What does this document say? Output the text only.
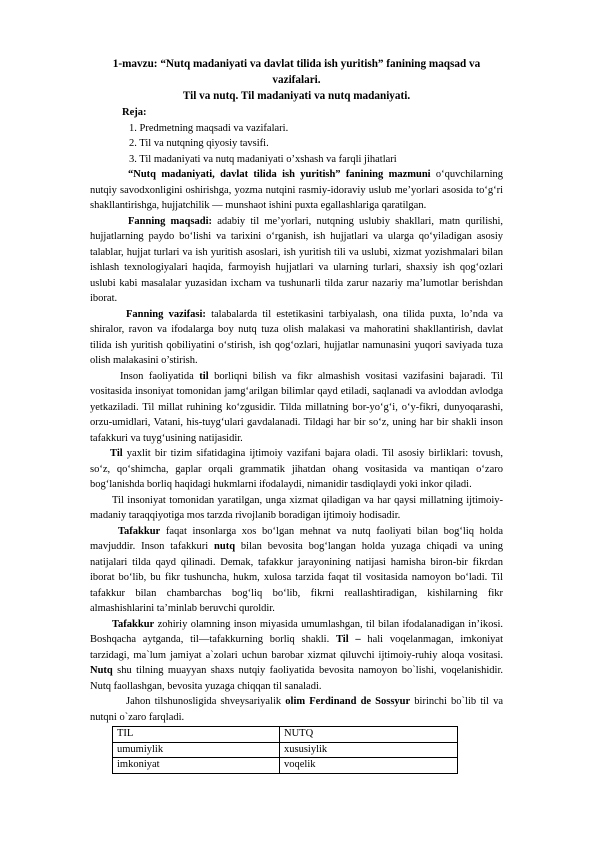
1-mavzu: “Nutq madaniyati va davlat tilida ish yuritish” fanining maqsad va vazifalari.
Til va nutq. Til madaniyati va nutq madaniyati.
Reja:
1. Predmetning maqsadi va vazifalari.
2. Til va nutqning qiyosiy tavsifi.
3. Til madaniyati va nutq madaniyati o’xshash va farqli jihatlari

“Nutq madaniyati, davlat tilida ish yuritish” fanining mazmuni o‘quvchilarning nutqiy savodxonligini oshirishga, yozma nutqini rasmiy-idoraviy uslub me’yorlari asosida to‘g‘ri shakllantirishga, hujjatchilik — munshaot ishini puxta egallashlariga qaratilgan.

Fanning maqsadi: adabiy til me’yorlari, nutqning uslubiy shakllari, matn qurilishi, hujjatlarning paydo bo‘lishi va tarixini o‘rganish, ish hujjatlari va ularga qo‘yiladigan asosiy talablar, hujjat turlari va ish yuritish asoslari, ish yuritish tili va uslubi, xizmat yozishmalari bilan ishlash texnologiyalari haqida, farmoyish hujjatlari va ularning turlari, shaxsiy ish qog‘ozlari uslubi kabi masalalar yuzasidan ixcham va tushunarli tilda zarur nazariy ma’lumotlar berishdan iborat.

Fanning vazifasi: talabalarda til estetikasini tarbiyalash, ona tilida puxta, lo’nda va shiralor, ravon va ifodalarga boy nutq tuza olish malakasi va mahoratini shakllantirish, davlat tilida ish yuritish qobiliyatini o‘stirish, ish qog‘ozlari, hujjatlar namunasini yuqori saviyada tuza olish malakasini o’stirish.

Inson faoliyatida til borliqni bilish va fikr almashish vositasi vazifasini bajaradi. Til vositasida insoniyat tomonidan jamg‘arilgan bilimlar qayd etiladi, saqlanadi va avloddan avlodga yetkaziladi. Til millat ruhining ko‘zgusidir. Tilda millatning bor-yo‘g‘i, o‘y-fikri, dunyoqarashi, orzu-umidlari, Vatani, his-tuyg‘ulari gavdalanadi. Tildagi har bir so‘z, uning har bir shakli inson tafakkuri va tuyg‘usining natijasidir.

Til yaxlit bir tizim sifatidagina ijtimoiy vazifani bajara oladi. Til asosiy birliklari: tovush, so‘z, qo‘shimcha, gaplar orqali grammatik jihatdan ohang vositasida va mantiqan o‘zaro bog‘lanishda borliq haqidagi hukmlarni ifodalaydi, nimanidir tasdiqlaydi yoki inkor qiladi.

Til insoniyat tomonidan yaratilgan, unga xizmat qiladigan va har qaysi millatning ijtimoiy-madaniy taraqqiyotiga mos tarzda rivojlanib boradigan ijtimoiy hodisadir.

Tafakkur faqat insonlarga xos bo‘lgan mehnat va nutq faoliyati bilan bog‘liq holda mavjuddir. Inson tafakkuri nutq bilan bevosita bog‘langan holda yuzaga chiqadi va uning natijalari tilda qayd qilinadi. Demak, tafakkur jarayonining natijasi hamisha biron-bir fikrdan iborat bo‘lib, bu fikr tushuncha, hukm, xulosa tarzida faqat til vositasida namoyon bo‘ladi. Til tafakkur bilan chambarchas bog‘liq bo‘lib, fikrni reallashtiradigan, kishilarning fikr almashishlarini ta’minlab beruvchi quroldir.

Tafakkur zohiriy olamning inson miyasida umumlashgan, til bilan ifodalanadigan in’ikosi. Boshqacha aytganda, til—tafakkurning borliq shakli. Til – hali voqelanmagan, imkoniyat tarzidagi, ma`lum jamiyat a`zolari uchun barobar xizmat qiluvchi ijtimoiy-ruhiy aloqa vositasi. Nutq shu tilning muayyan shaxs nutqiy faoliyatida bevosita namoyon bo`lishi, voqelanishidir. Nutq faollashgan, bevosita yuzaga chiqqan til sanaladi.

Jahon tilshunosligida shveysariyalik olim Ferdinand de Sossyur birinchi bo`lib til va nutqni o`zaro farqladi.

TIL	NUTQ
umumiylik	xususiylik
imkoniyat	voqelik
